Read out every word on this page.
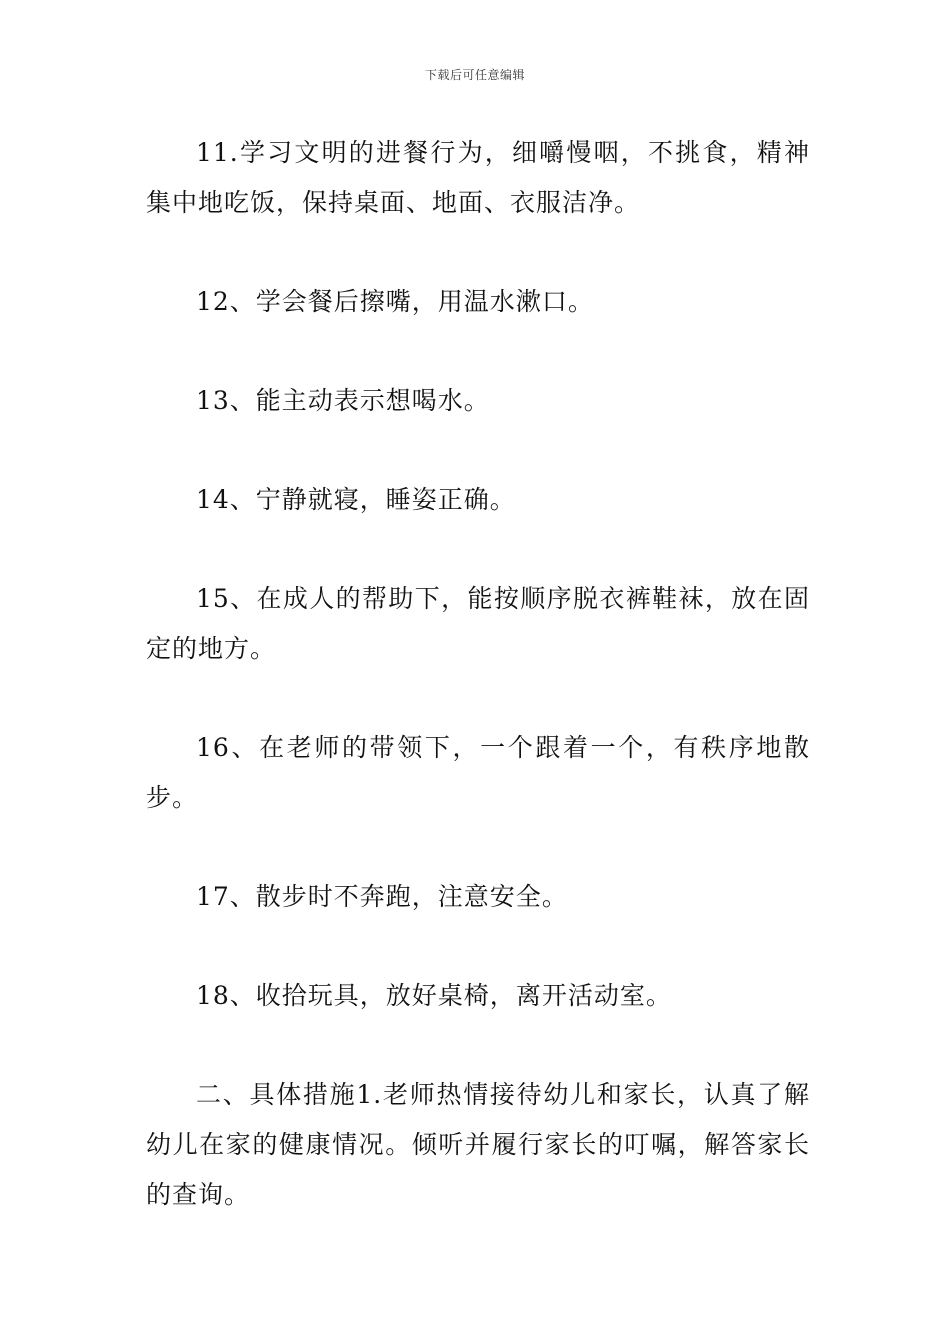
下载后可任意编辑

11.学习文明的进餐行为，细嚼慢咽，不挑食，精神集中地吃饭，保持桌面、地面、衣服洁净。

12、学会餐后擦嘴，用温水漱口。

13、能主动表示想喝水。

14、宁静就寝，睡姿正确。

15、在成人的帮助下，能按顺序脱衣裤鞋袜，放在固定的地方。

16、在老师的带领下，一个跟着一个，有秩序地散步。

17、散步时不奔跑，注意安全。

18、收拾玩具，放好桌椅，离开活动室。

二、具体措施1.老师热情接待幼儿和家长，认真了解幼儿在家的健康情况。倾听并履行家长的叮嘱，解答家长的查询。
